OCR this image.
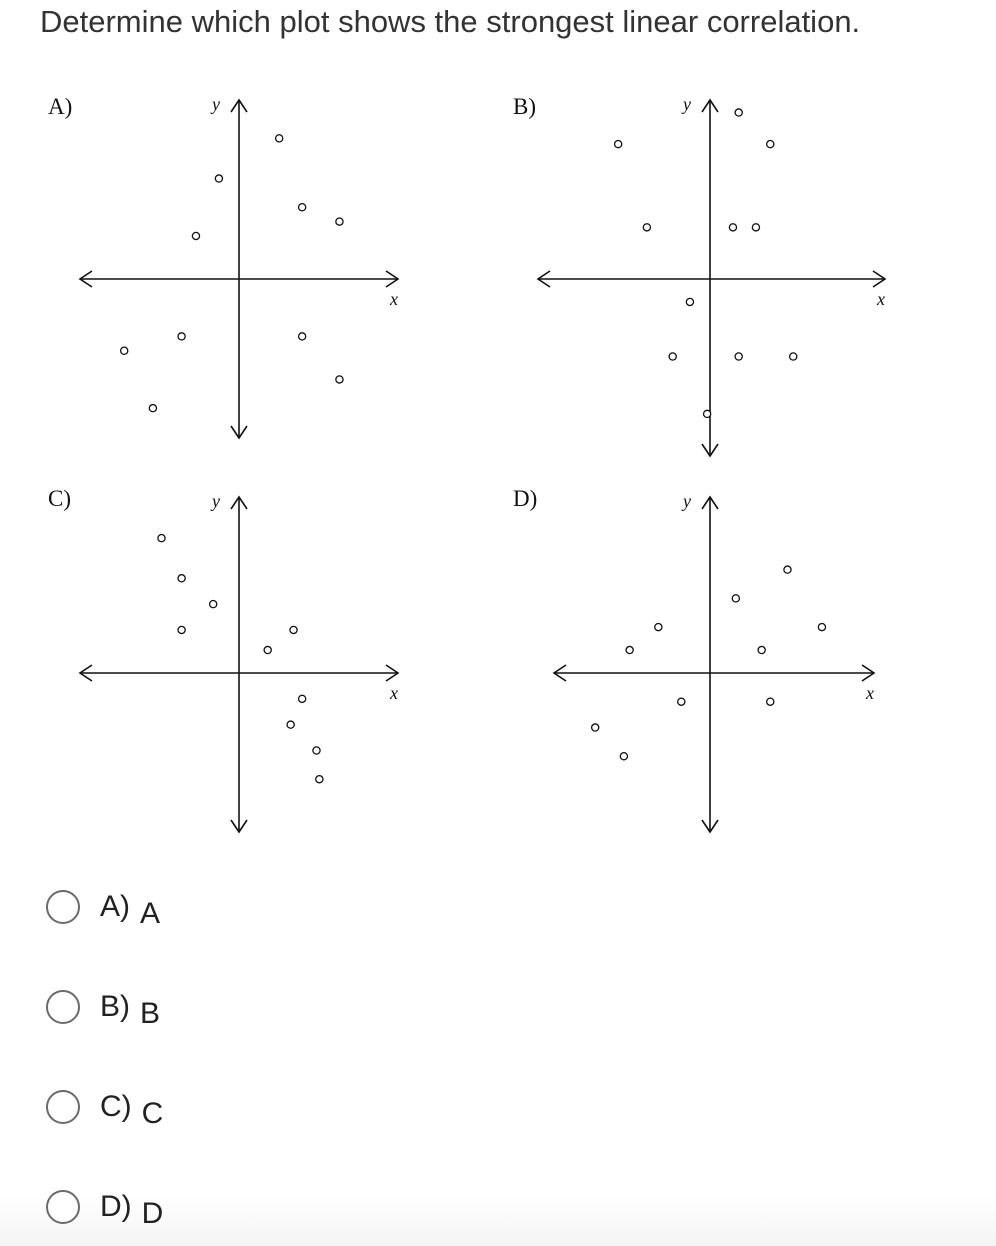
Determine which plot shows the strongest linear correlation.
A)
x
y	B)
x
y
C)
x
y	D)
x
y
A) A
B) B
C) C
D) D
